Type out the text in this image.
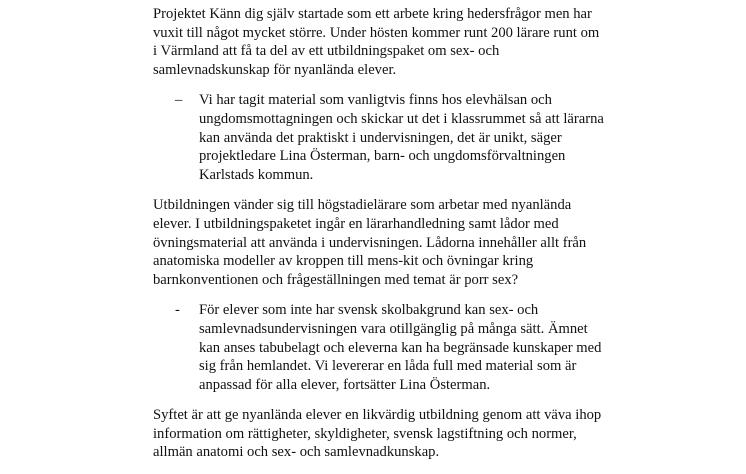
Projektet Känn dig själv startade som ett arbete kring hedersfrågor men har
vuxit till något mycket större. Under hösten kommer runt 200 lärare runt om
i Värmland att få ta del av ett utbildningspaket om sex- och
samlevnadskunskap för nyanlända elever.

–	Vi har tagit material som vanligtvis finns hos elevhälsan och
ungdomsmottagningen och skickar ut det i klassrummet så att lärarna
kan använda det praktiskt i undervisningen, det är unikt, säger
projektledare Lina Österman, barn- och ungdomsförvaltningen
Karlstads kommun.

Utbildningen vänder sig till högstadielärare som arbetar med nyanlända
elever. I utbildningspaketet ingår en lärarhandledning samt lådor med
övningsmaterial att använda i undervisningen. Lådorna innehåller allt från
anatomiska modeller av kroppen till mens-kit och övningar kring
barnkonventionen och frågeställningen med temat är porr sex?

-	För elever som inte har svensk skolbakgrund kan sex- och
samlevnadsundervisningen vara otillgänglig på många sätt. Ämnet
kan anses tabubelagt och eleverna kan ha begränsade kunskaper med
sig från hemlandet. Vi levererar en låda full med material som är
anpassad för alla elever, fortsätter Lina Österman.

Syftet är att ge nyanlända elever en likvärdig utbildning genom att väva ihop
information om rättigheter, skyldigheter, svensk lagstiftning och normer,
allmän anatomi och sex- och samlevnadkunskap.
